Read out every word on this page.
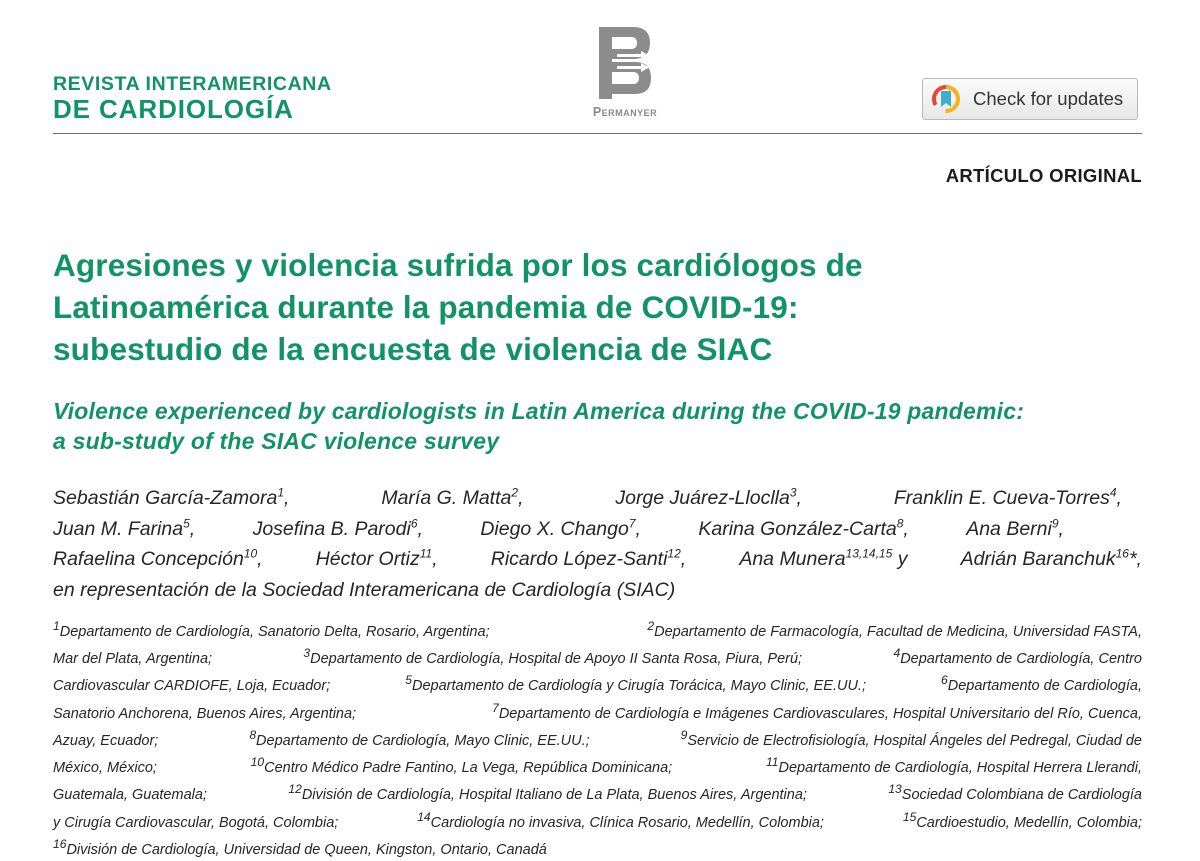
REVISTA INTERAMERICANA
DE CARDIOLOGÍA	Permanyer
Check for updates
ARTÍCULO ORIGINAL
Agresiones y violencia sufrida por los cardiólogos de
Latinoamérica durante la pandemia de COVID-19:
subestudio de la encuesta de violencia de SIAC
Violence experienced by cardiologists in Latin America during the COVID-19 pandemic:
a sub-study of the SIAC violence survey
Sebastián García-Zamora$^1$,	María G. Matta$^2$,	Jorge Juárez-Lloclla$^3$,	Franklin E. Cueva-Torres$^4$,
Juan M. Farina$^5$,	Josefina B. Parodi$^6$,	Diego X. Chango$^7$,	Karina González-Carta$^8$,	Ana Berni$^9$,
Rafaelina Concepción$^{10}$,	Héctor Ortiz$^{11}$,	Ricardo López-Santi$^{12}$,	Ana Munera$^{13,14,15}$ y	Adrián Baranchuk$^{16}$*,
en representación de la Sociedad Interamericana de Cardiología (SIAC)
$^1$Departamento de Cardiología, Sanatorio Delta, Rosario, Argentina;	$^2$Departamento de Farmacología, Facultad de Medicina, Universidad FASTA,
Mar del Plata, Argentina;	$^3$Departamento de Cardiología, Hospital de Apoyo II Santa Rosa, Piura, Perú;	$^4$Departamento de Cardiología, Centro
Cardiovascular CARDIOFE, Loja, Ecuador;	$^5$Departamento de Cardiología y Cirugía Torácica, Mayo Clinic, EE.UU.;	$^6$Departamento de Cardiología,
Sanatorio Anchorena, Buenos Aires, Argentina;	$^7$Departamento de Cardiología e Imágenes Cardiovasculares, Hospital Universitario del Río, Cuenca,
Azuay, Ecuador;	$^8$Departamento de Cardiología, Mayo Clinic, EE.UU.;	$^9$Servicio de Electrofisiología, Hospital Ángeles del Pedregal, Ciudad de
México, México;	$^{10}$Centro Médico Padre Fantino, La Vega, República Dominicana;	$^{11}$Departamento de Cardiología, Hospital Herrera Llerandi,
Guatemala, Guatemala;	$^{12}$División de Cardiología, Hospital Italiano de La Plata, Buenos Aires, Argentina;	$^{13}$Sociedad Colombiana de Cardiología
y Cirugía Cardiovascular, Bogotá, Colombia;	$^{14}$Cardiología no invasiva, Clínica Rosario, Medellín, Colombia;	$^{15}$Cardioestudio, Medellín, Colombia;
$^{16}$División de Cardiología, Universidad de Queen, Kingston, Ontario, Canadá
